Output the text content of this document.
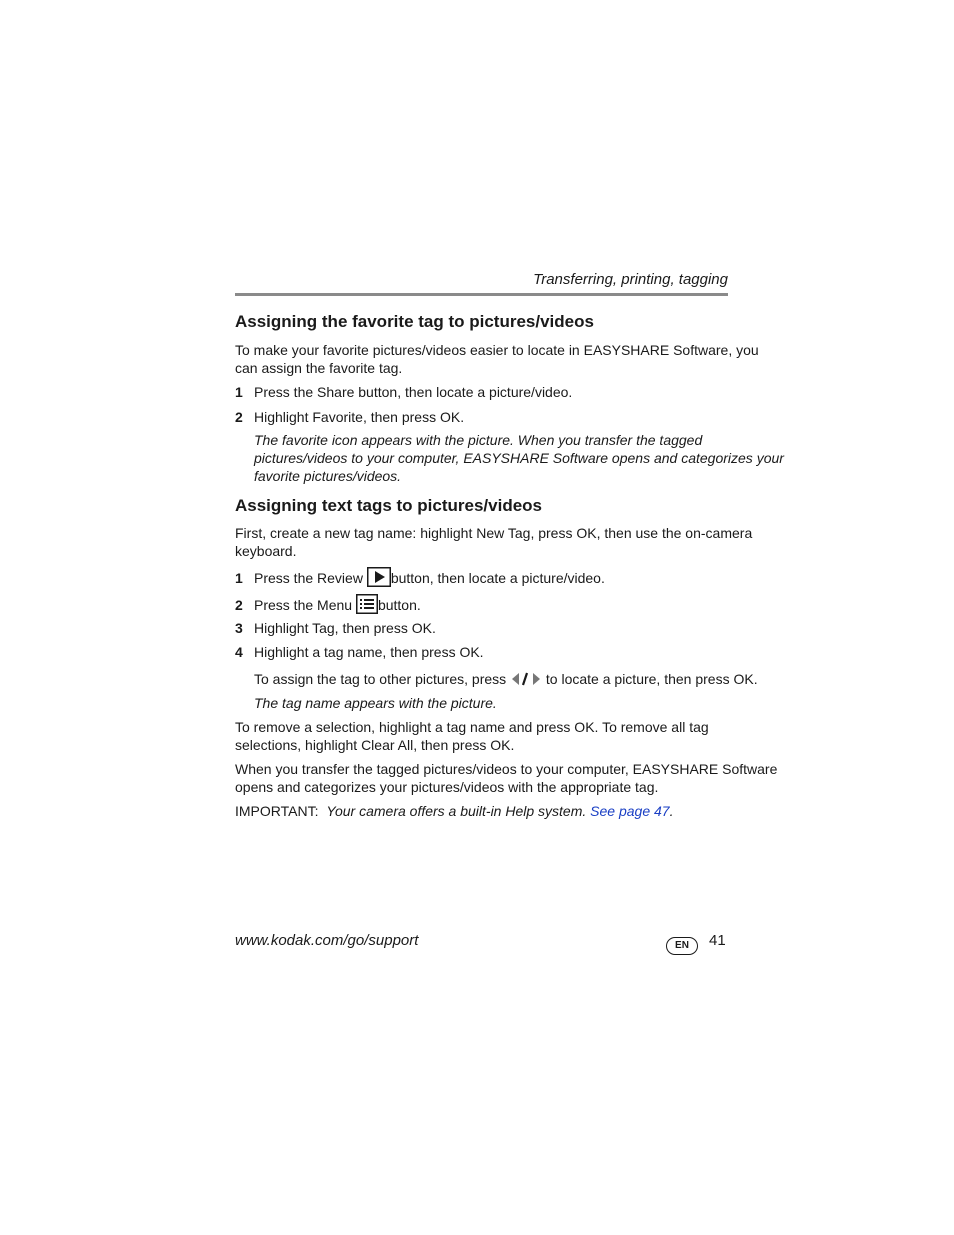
Transferring, printing, tagging
Assigning the favorite tag to pictures/videos
To make your favorite pictures/videos easier to locate in EASYSHARE Software, you
can assign the favorite tag.
1 Press the Share button, then locate a picture/video.
2 Highlight Favorite, then press OK.
The favorite icon appears with the picture. When you transfer the tagged
pictures/videos to your computer, EASYSHARE Software opens and categorizes your
favorite pictures/videos.
Assigning text tags to pictures/videos
First, create a new tag name: highlight New Tag, press OK, then use the on-camera
keyboard.
1 Press the Review button, then locate a picture/video.
2 Press the Menu button.
3 Highlight Tag, then press OK.
4 Highlight a tag name, then press OK.
To assign the tag to other pictures, press	to locate a picture, then press OK.
The tag name appears with the picture.
To remove a selection, highlight a tag name and press OK. To remove all tag
selections, highlight Clear All, then press OK.
When you transfer the tagged pictures/videos to your computer, EASYSHARE Software
opens and categorizes your pictures/videos with the appropriate tag.
IMPORTANT: Your camera offers a built-in Help system. See page 47.
www.kodak.com/go/support	EN	41
